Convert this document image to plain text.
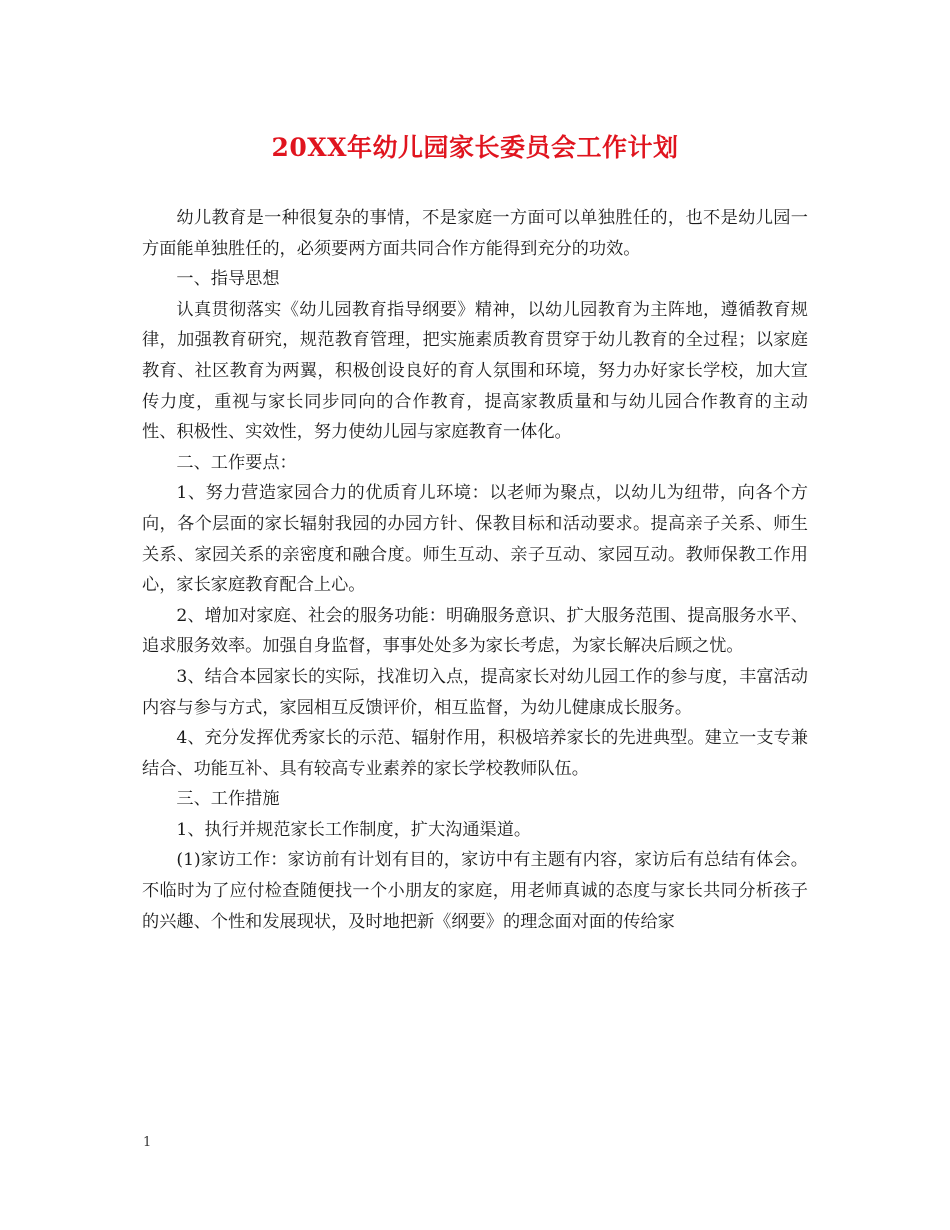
20XX年幼儿园家长委员会工作计划

幼儿教育是一种很复杂的事情，不是家庭一方面可以单独胜任的，也不是幼儿园一方面能单独胜任的，必须要两方面共同合作方能得到充分的功效。

一、指导思想

认真贯彻落实《幼儿园教育指导纲要》精神，以幼儿园教育为主阵地，遵循教育规律，加强教育研究，规范教育管理，把实施素质教育贯穿于幼儿教育的全过程；以家庭教育、社区教育为两翼，积极创设良好的育人氛围和环境，努力办好家长学校，加大宣传力度，重视与家长同步同向的合作教育，提高家教质量和与幼儿园合作教育的主动性、积极性、实效性，努力使幼儿园与家庭教育一体化。

二、工作要点：

1、努力营造家园合力的优质育儿环境：以老师为聚点，以幼儿为纽带，向各个方向，各个层面的家长辐射我园的办园方针、保教目标和活动要求。提高亲子关系、师生关系、家园关系的亲密度和融合度。师生互动、亲子互动、家园互动。教师保教工作用心，家长家庭教育配合上心。

2、增加对家庭、社会的服务功能：明确服务意识、扩大服务范围、提高服务水平、追求服务效率。加强自身监督，事事处处多为家长考虑，为家长解决后顾之忧。

3、结合本园家长的实际，找准切入点，提高家长对幼儿园工作的参与度，丰富活动内容与参与方式，家园相互反馈评价，相互监督，为幼儿健康成长服务。

4、充分发挥优秀家长的示范、辐射作用，积极培养家长的先进典型。建立一支专兼结合、功能互补、具有较高专业素养的家长学校教师队伍。

三、工作措施

1、执行并规范家长工作制度，扩大沟通渠道。

(1)家访工作：家访前有计划有目的，家访中有主题有内容，家访后有总结有体会。不临时为了应付检查随便找一个小朋友的家庭，用老师真诚的态度与家长共同分析孩子的兴趣、个性和发展现状，及时地把新《纲要》的理念面对面的传给家

1
